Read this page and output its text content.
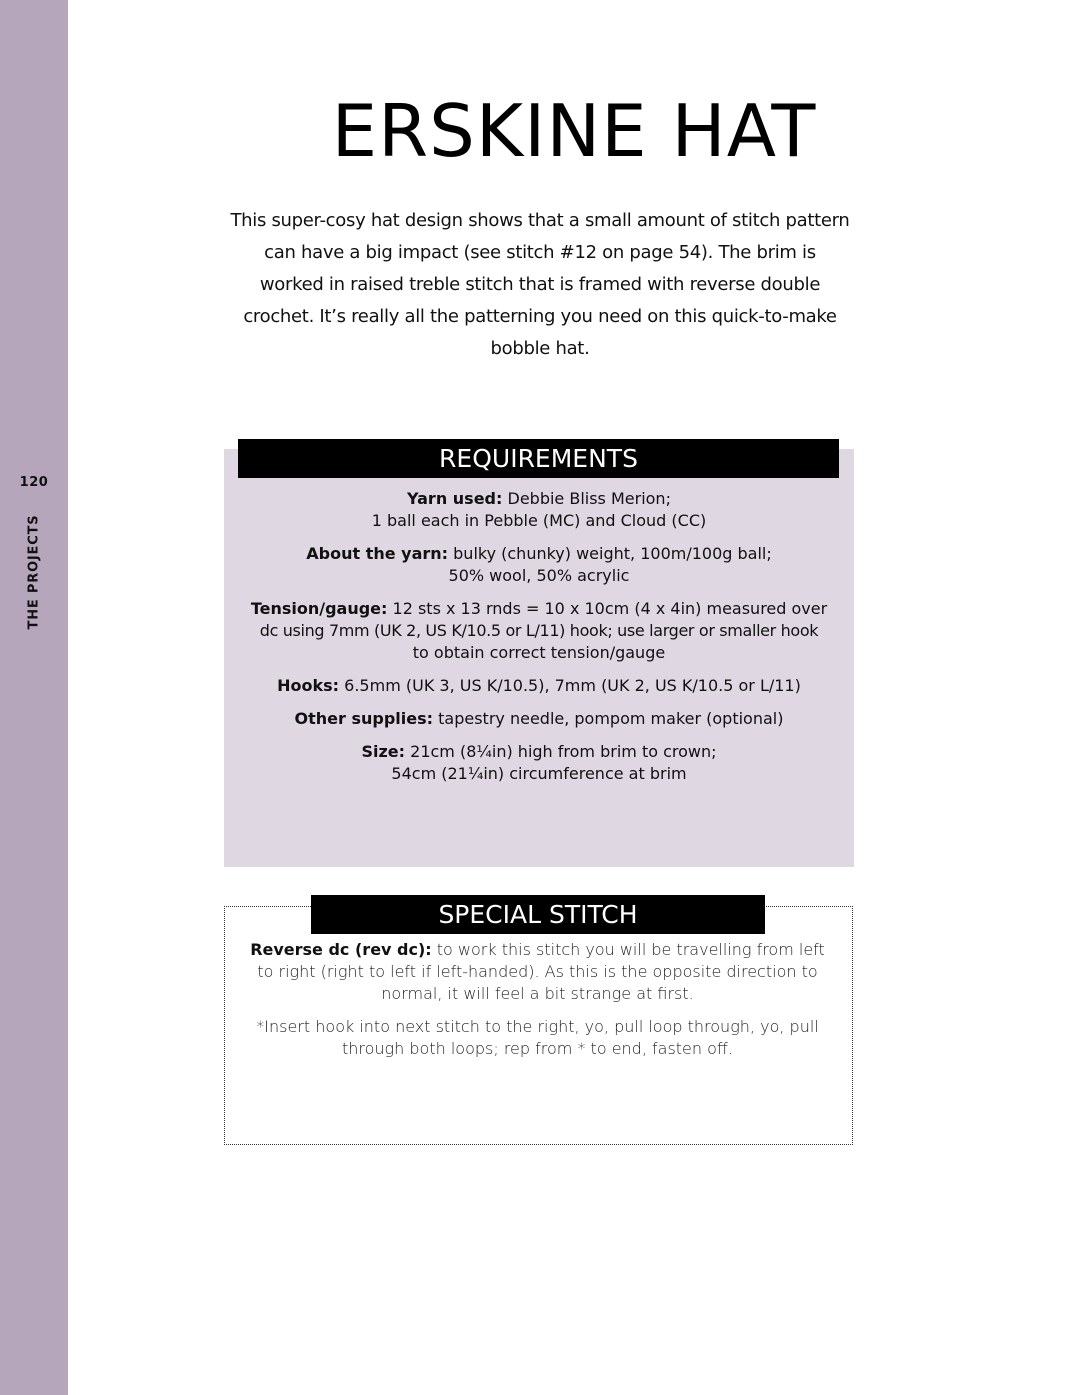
120
THE PROJECTS
ERSKINE HAT

This super-cosy hat design shows that a small amount of stitch pattern can have a big impact (see stitch #12 on page 54). The brim is worked in raised treble stitch that is framed with reverse double crochet. It’s really all the patterning you need on this quick-to-make bobble hat.

REQUIREMENTS
Yarn used: Debbie Bliss Merion;
1 ball each in Pebble (MC) and Cloud (CC)
About the yarn: bulky (chunky) weight, 100m/100g ball;
50% wool, 50% acrylic
Tension/gauge: 12 sts x 13 rnds = 10 x 10cm (4 x 4in) measured over
dc using 7mm (UK 2, US K/10.5 or L/11) hook; use larger or smaller hook
to obtain correct tension/gauge
Hooks: 6.5mm (UK 3, US K/10.5), 7mm (UK 2, US K/10.5 or L/11)
Other supplies: tapestry needle, pompom maker (optional)
Size: 21cm (8¼in) high from brim to crown;
54cm (21¼in) circumference at brim
SPECIAL STITCH

Reverse dc (rev dc): to work this stitch you will be travelling from left to right (right to left if left-handed). As this is the opposite direction to normal, it will feel a bit strange at first.

*Insert hook into next stitch to the right, yo, pull loop through, yo, pull through both loops; rep from * to end, fasten off.
